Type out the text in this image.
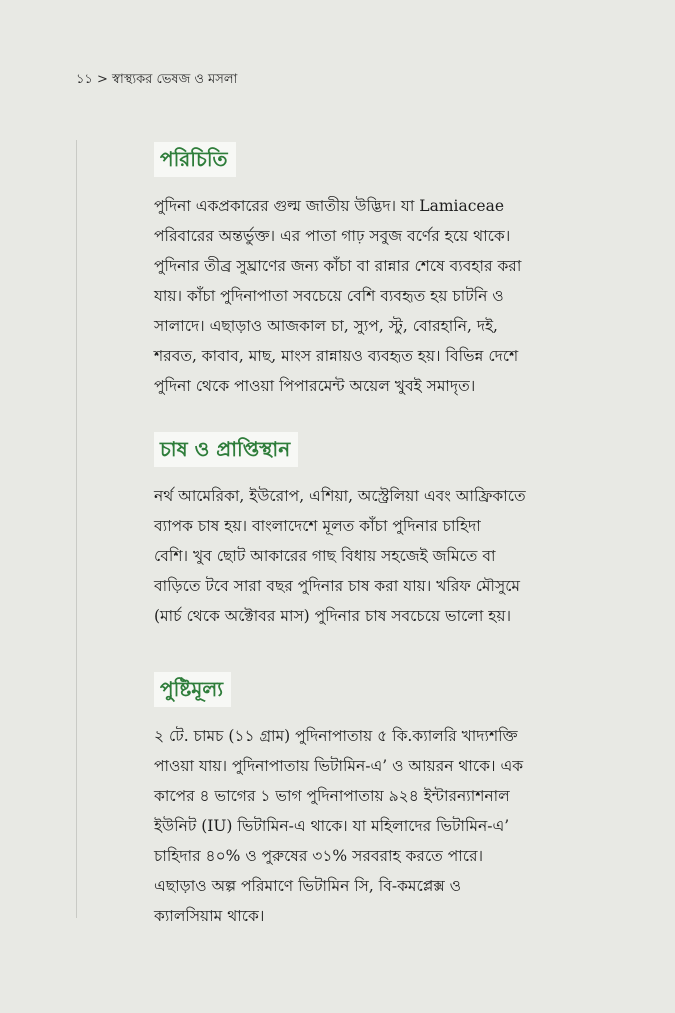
১১ > স্বাস্থ্যকর ভেষজ ও মসলা
পরিচিতি
পুদিনা একপ্রকারের গুল্ম জাতীয় উদ্ভিদ। যা Lamiaceae
পরিবারের অন্তর্ভুক্ত। এর পাতা গাঢ় সবুজ বর্ণের হয়ে থাকে।
পুদিনার তীব্র সুঘ্রাণের জন্য কাঁচা বা রান্নার শেষে ব্যবহার করা
যায়। কাঁচা পুদিনাপাতা সবচেয়ে বেশি ব্যবহৃত হয় চাটনি ও
সালাদে। এছাড়াও আজকাল চা, স্যুপ, স্টু, বোরহানি, দই,
শরবত, কাবাব, মাছ, মাংস রান্নায়ও ব্যবহৃত হয়। বিভিন্ন দেশে
পুদিনা থেকে পাওয়া পিপারমেন্ট অয়েল খুবই সমাদৃত।
চাষ ও প্রাপ্তিস্থান
নর্থ আমেরিকা, ইউরোপ, এশিয়া, অস্ট্রেলিয়া এবং আফ্রিকাতে
ব্যাপক চাষ হয়। বাংলাদেশে মূলত কাঁচা পুদিনার চাহিদা
বেশি। খুব ছোট আকারের গাছ বিধায় সহজেই জমিতে বা
বাড়িতে টবে সারা বছর পুদিনার চাষ করা যায়। খরিফ মৌসুমে
(মার্চ থেকে অক্টোবর মাস) পুদিনার চাষ সবচেয়ে ভালো হয়।
পুষ্টিমূল্য
২ টে. চামচ (১১ গ্রাম) পুদিনাপাতায় ৫ কি.ক্যালরি খাদ্যশক্তি
পাওয়া যায়। পুদিনাপাতায় ভিটামিন-এ’ ও আয়রন থাকে। এক
কাপের ৪ ভাগের ১ ভাগ পুদিনাপাতায় ৯২৪ ইন্টারন্যাশনাল
ইউনিট (IU) ভিটামিন-এ থাকে। যা মহিলাদের ভিটামিন-এ’
চাহিদার ৪০% ও পুরুষের ৩১% সরবরাহ করতে পারে।
এছাড়াও অল্প পরিমাণে ভিটামিন সি, বি-কমপ্লেক্স ও
ক্যালসিয়াম থাকে।
